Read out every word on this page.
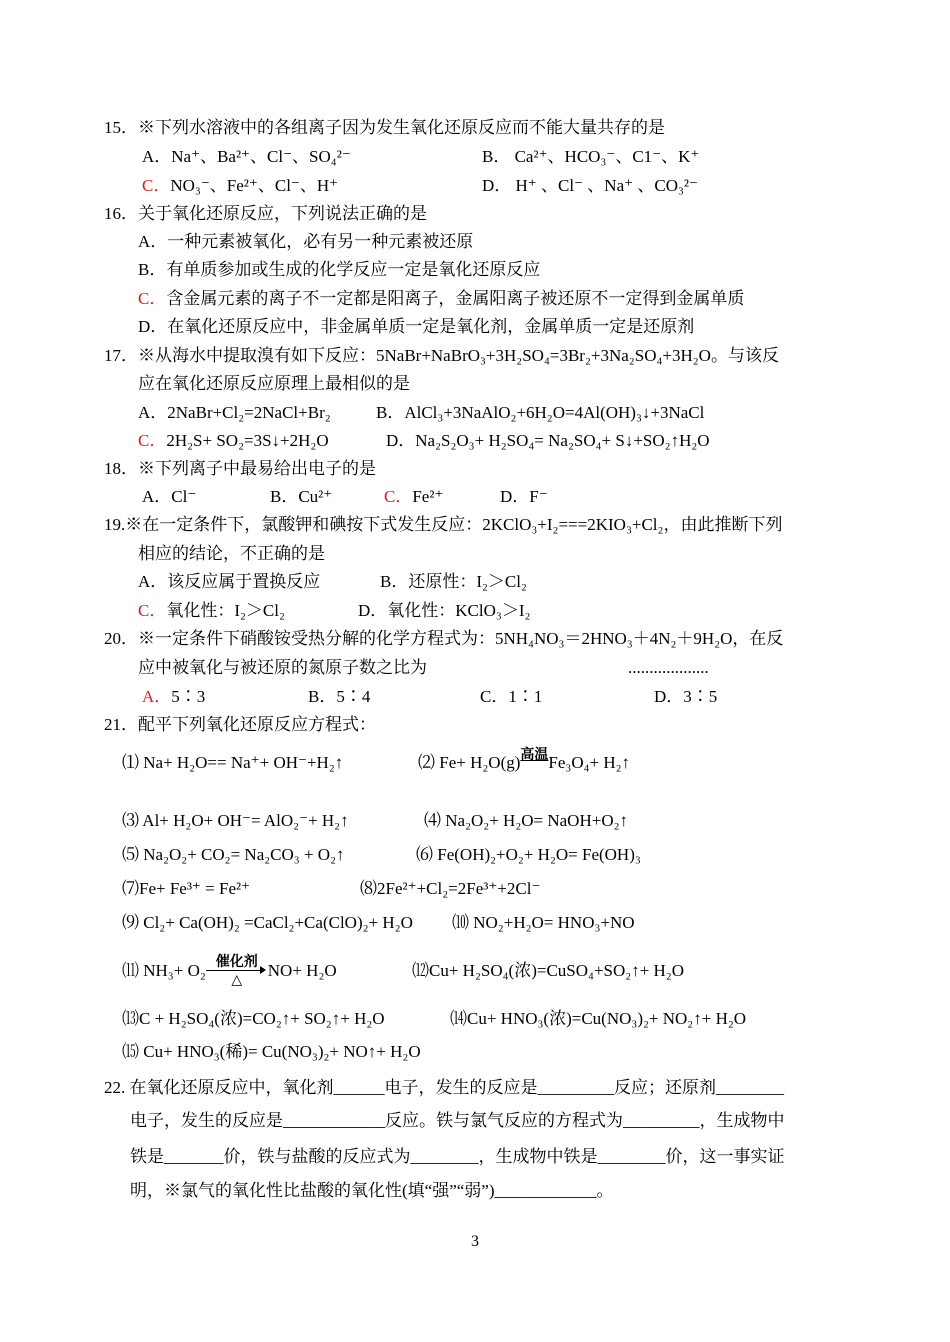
15．※下列水溶液中的各组离子因为发生氧化还原反应而不能大量共存的是
A．Na⁺、Ba²⁺、Cl⁻、SO₄²⁻	B． Ca²⁺、HCO₃⁻、C1⁻、K⁺
C．NO₃⁻、Fe²⁺、Cl⁻、H⁺	D． H⁺ 、Cl⁻ 、Na⁺ 、CO₃²⁻
16．关于氧化还原反应，下列说法正确的是
A．一种元素被氧化，必有另一种元素被还原
B．有单质参加或生成的化学反应一定是氧化还原反应
C．含金属元素的离子不一定都是阳离子，金属阳离子被还原不一定得到金属单质
D．在氧化还原反应中，非金属单质一定是氧化剂，金属单质一定是还原剂
17．※从海水中提取溴有如下反应：5NaBr+NaBrO₃+3H₂SO₄=3Br₂+3Na₂SO₄+3H₂O。与该反
应在氧化还原反应原理上最相似的是
A．2NaBr+Cl₂=2NaCl+Br₂	B．AlCl₃+3NaAlO₂+6H₂O=4Al(OH)₃↓+3NaCl
C．2H₂S+ SO₂=3S↓+2H₂O	D．Na₂S₂O₃+ H₂SO₄= Na₂SO₄+ S↓+SO₂↑H₂O
18．※下列离子中最易给出电子的是
A．Cl⁻	B．Cu²⁺	C．Fe²⁺	D．F⁻
19.※在一定条件下，氯酸钾和碘按下式发生反应：2KClO₃+I₂===2KIO₃+Cl₂，由此推断下列
相应的结论，不正确的是
A．该反应属于置换反应	B．还原性：I₂＞Cl₂
C．氧化性：I₂＞Cl₂	D．氧化性：KClO₃＞I₂
20．※一定条件下硝酸铵受热分解的化学方程式为：5NH₄NO₃＝2HNO₃＋4N₂＋9H₂O，在反
应中被氧化与被还原的氮原子数之比为	...................
A．5∶3	B．5∶4	C．1∶1	D．3∶5
21．配平下列氧化还原反应方程式：
⑴ Na+ H₂O== Na⁺+ OH⁻+H₂↑	⑵ Fe+ H₂O(g) 高温 Fe₃O₄+ H₂↑
⑶ Al+ H₂O+ OH⁻= AlO₂⁻+ H₂↑	⑷ Na₂O₂+ H₂O= NaOH+O₂↑
⑸ Na₂O₂+ CO₂= Na₂CO₃ + O₂↑	⑹ Fe(OH)₂+O₂+ H₂O= Fe(OH)₃
⑺Fe+ Fe³⁺ = Fe²⁺	⑻2Fe²⁺+Cl₂=2Fe³⁺+2Cl⁻
⑼ Cl₂+ Ca(OH)₂ =CaCl₂+Ca(ClO)₂+ H₂O ⑽ NO₂+H₂O= HNO₃+NO
⑾ NH₃+ O₂ 催化剂
△
NO+ H₂O	⑿Cu+ H₂SO₄(浓)=CuSO₄+SO₂↑+ H₂O
⒀C + H₂SO₄(浓)=CO₂↑+ SO₂↑+ H₂O	⒁Cu+ HNO₃(浓)=Cu(NO₃)₂+ NO₂↑+ H₂O
⒂ Cu+ HNO₃(稀)= Cu(NO₃)₂+ NO↑+ H₂O
22. 在氧化还原反应中，氧化剂______电子，发生的反应是_________反应；还原剂________
电子，发生的反应是____________反应。铁与氯气反应的方程式为_________，生成物中
铁是_______价，铁与盐酸的反应式为________，生成物中铁是________价，这一事实证
明，※氯气的氧化性比盐酸的氧化性(填“强”“弱”)____________。
3
